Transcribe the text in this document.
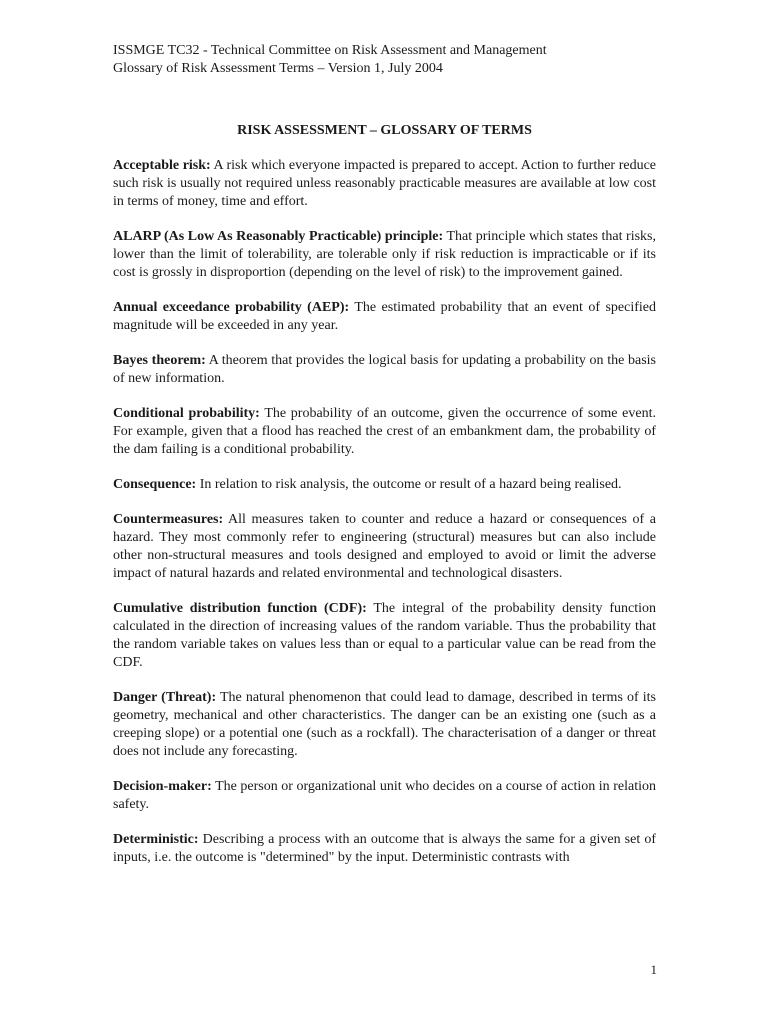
ISSMGE TC32 - Technical Committee on Risk Assessment and Management
Glossary of Risk Assessment Terms – Version 1, July 2004
RISK ASSESSMENT – GLOSSARY OF TERMS

Acceptable risk: A risk which everyone impacted is prepared to accept. Action to further reduce such risk is usually not required unless reasonably practicable measures are available at low cost in terms of money, time and effort.

ALARP (As Low As Reasonably Practicable) principle: That principle which states that risks, lower than the limit of tolerability, are tolerable only if risk reduction is impracticable or if its cost is grossly in disproportion (depending on the level of risk) to the improvement gained.

Annual exceedance probability (AEP): The estimated probability that an event of specified magnitude will be exceeded in any year.

Bayes theorem: A theorem that provides the logical basis for updating a probability on the basis of new information.

Conditional probability: The probability of an outcome, given the occurrence of some event. For example, given that a flood has reached the crest of an embankment dam, the probability of the dam failing is a conditional probability.

Consequence: In relation to risk analysis, the outcome or result of a hazard being realised.

Countermeasures: All measures taken to counter and reduce a hazard or consequences of a hazard. They most commonly refer to engineering (structural) measures but can also include other non-structural measures and tools designed and employed to avoid or limit the adverse impact of natural hazards and related environmental and technological disasters.

Cumulative distribution function (CDF): The integral of the probability density function calculated in the direction of increasing values of the random variable. Thus the probability that the random variable takes on values less than or equal to a particular value can be read from the CDF.

Danger (Threat): The natural phenomenon that could lead to damage, described in terms of its geometry, mechanical and other characteristics. The danger can be an existing one (such as a creeping slope) or a potential one (such as a rockfall). The characterisation of a danger or threat does not include any forecasting.

Decision-maker: The person or organizational unit who decides on a course of action in relation safety.

Deterministic: Describing a process with an outcome that is always the same for a given set of inputs, i.e. the outcome is "determined" by the input. Deterministic contrasts with

1
